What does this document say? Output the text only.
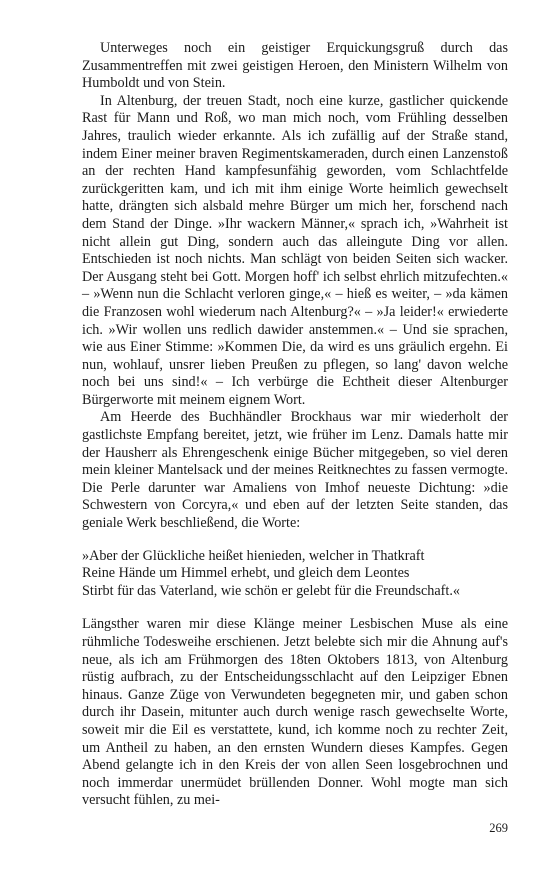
Unterweges noch ein geistiger Erquickungsgruß durch das Zusammentreffen mit zwei geistigen Heroen, den Ministern Wilhelm von Humboldt und von Stein.

In Altenburg, der treuen Stadt, noch eine kurze, gastlicher quickende Rast für Mann und Roß, wo man mich noch, vom Frühling desselben Jahres, traulich wieder erkannte. Als ich zufällig auf der Straße stand, indem Einer meiner braven Regimentskameraden, durch einen Lanzenstoß an der rechten Hand kampfesunfähig geworden, vom Schlachtfelde zurückgeritten kam, und ich mit ihm einige Worte heimlich gewechselt hatte, drängten sich alsbald mehre Bürger um mich her, forschend nach dem Stand der Dinge. »Ihr wackern Männer,« sprach ich, »Wahrheit ist nicht allein gut Ding, sondern auch das alleingute Ding vor allen. Entschieden ist noch nichts. Man schlägt von beiden Seiten sich wacker. Der Ausgang steht bei Gott. Morgen hoff' ich selbst ehrlich mitzufechten.« – »Wenn nun die Schlacht verloren ginge,« – hieß es weiter, – »da kämen die Franzosen wohl wiederum nach Altenburg?« – »Ja leider!« erwiederte ich. »Wir wollen uns redlich dawider anstemmen.« – Und sie sprachen, wie aus Einer Stimme: »Kommen Die, da wird es uns gräulich ergehn. Ei nun, wohlauf, unsrer lieben Preußen zu pflegen, so lang' davon welche noch bei uns sind!« – Ich verbürge die Echtheit dieser Altenburger Bürgerworte mit meinem eignem Wort.

Am Heerde des Buchhändler Brockhaus war mir wiederholt der gastlichste Empfang bereitet, jetzt, wie früher im Lenz. Damals hatte mir der Hausherr als Ehrengeschenk einige Bücher mitgegeben, so viel deren mein kleiner Mantelsack und der meines Reitknechtes zu fassen vermogte. Die Perle darunter war Amaliens von Imhof neueste Dichtung: »die Schwestern von Corcyra,« und eben auf der letzten Seite standen, das geniale Werk beschließend, die Worte:

»Aber der Glückliche heißet hienieden, welcher in Thatkraft
Reine Hände um Himmel erhebt, und gleich dem Leontes
Stirbt für das Vaterland, wie schön er gelebt für die Freundschaft.«

Längsther waren mir diese Klänge meiner Lesbischen Muse als eine rühmliche Todesweihe erschienen. Jetzt belebte sich mir die Ahnung auf's neue, als ich am Frühmorgen des 18ten Oktobers 1813, von Altenburg rüstig aufbrach, zu der Entscheidungsschlacht auf den Leipziger Ebnen hinaus. Ganze Züge von Verwundeten begegneten mir, und gaben schon durch ihr Dasein, mitunter auch durch wenige rasch gewechselte Worte, soweit mir die Eil es verstattete, kund, ich komme noch zu rechter Zeit, um Antheil zu haben, an den ernsten Wundern dieses Kampfes. Gegen Abend gelangte ich in den Kreis der von allen Seen losgebrochnen und noch immerdar unermüdet brüllenden Donner. Wohl mogte man sich versucht fühlen, zu mei-

269
